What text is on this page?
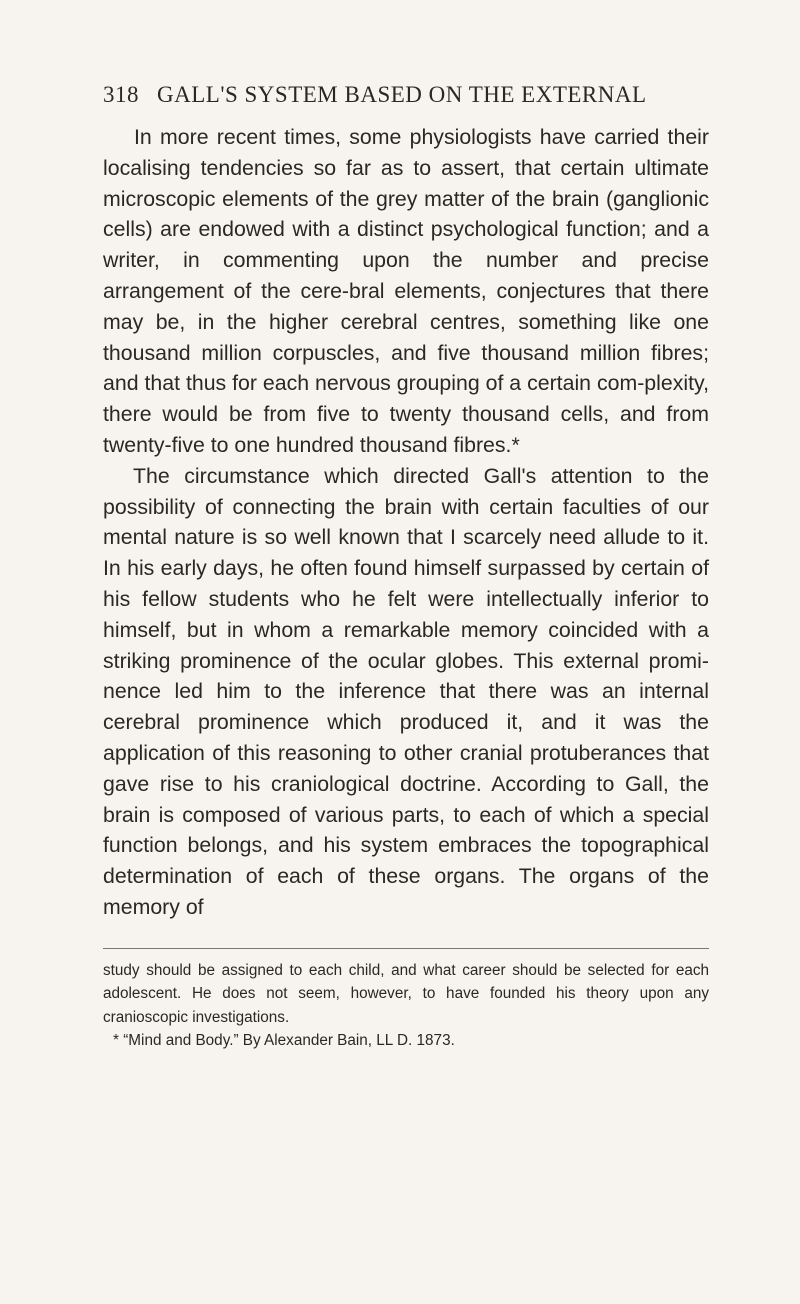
318 GALL'S SYSTEM BASED ON THE EXTERNAL

In more recent times, some physiologists have carried their localising tendencies so far as to assert, that certain ultimate microscopic elements of the grey matter of the brain (ganglionic cells) are endowed with a distinct psychological function; and a writer, in commenting upon the number and precise arrangement of the cere-bral elements, conjectures that there may be, in the higher cerebral centres, something like one thousand million corpuscles, and five thousand million fibres; and that thus for each nervous grouping of a certain com-plexity, there would be from five to twenty thousand cells, and from twenty-five to one hundred thousand fibres.*

The circumstance which directed Gall's attention to the possibility of connecting the brain with certain faculties of our mental nature is so well known that I scarcely need allude to it. In his early days, he often found himself surpassed by certain of his fellow students who he felt were intellectually inferior to himself, but in whom a remarkable memory coincided with a striking prominence of the ocular globes. This external promi-nence led him to the inference that there was an internal cerebral prominence which produced it, and it was the application of this reasoning to other cranial protuberances that gave rise to his craniological doctrine. According to Gall, the brain is composed of various parts, to each of which a special function belongs, and his system embraces the topographical determination of each of these organs. The organs of the memory of

study should be assigned to each child, and what career should be selected for each adolescent. He does not seem, however, to have founded his theory upon any cranioscopic investigations.

* “Mind and Body.” By Alexander Bain, LL D. 1873.
